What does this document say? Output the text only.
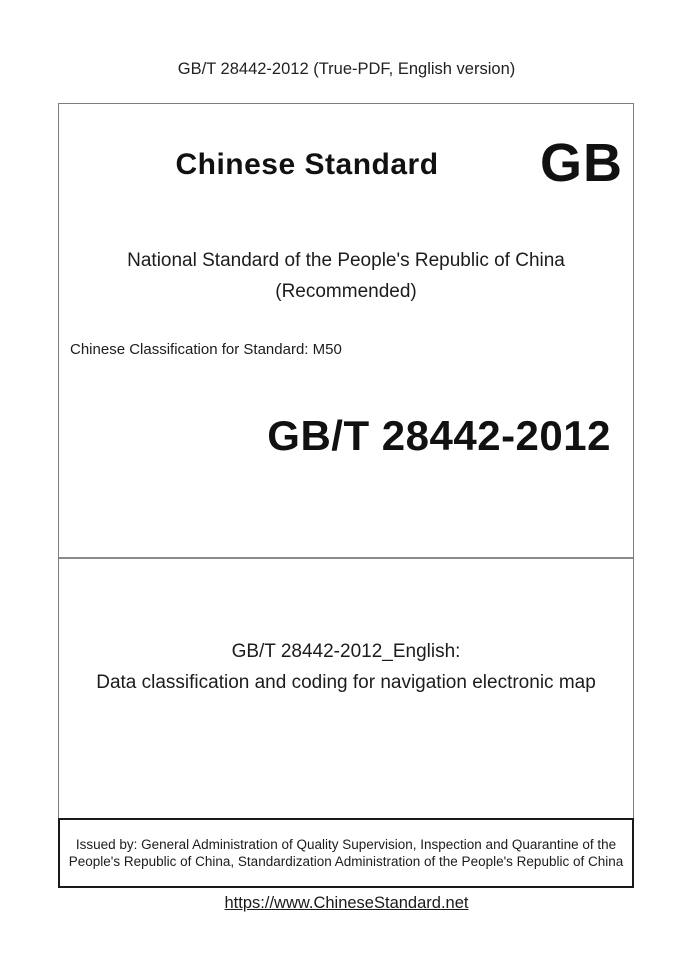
GB/T 28442-2012 (True-PDF, English version)
Chinese Standard	GB
National Standard of the People's Republic of China
(Recommended)
Chinese Classification for Standard: M50
GB/T 28442-2012
GB/T 28442-2012_English:
Data classification and coding for navigation electronic map
Issued by: General Administration of Quality Supervision, Inspection and Quarantine of the People's Republic of China, Standardization Administration of the People's Republic of China
https://www.ChineseStandard.net
